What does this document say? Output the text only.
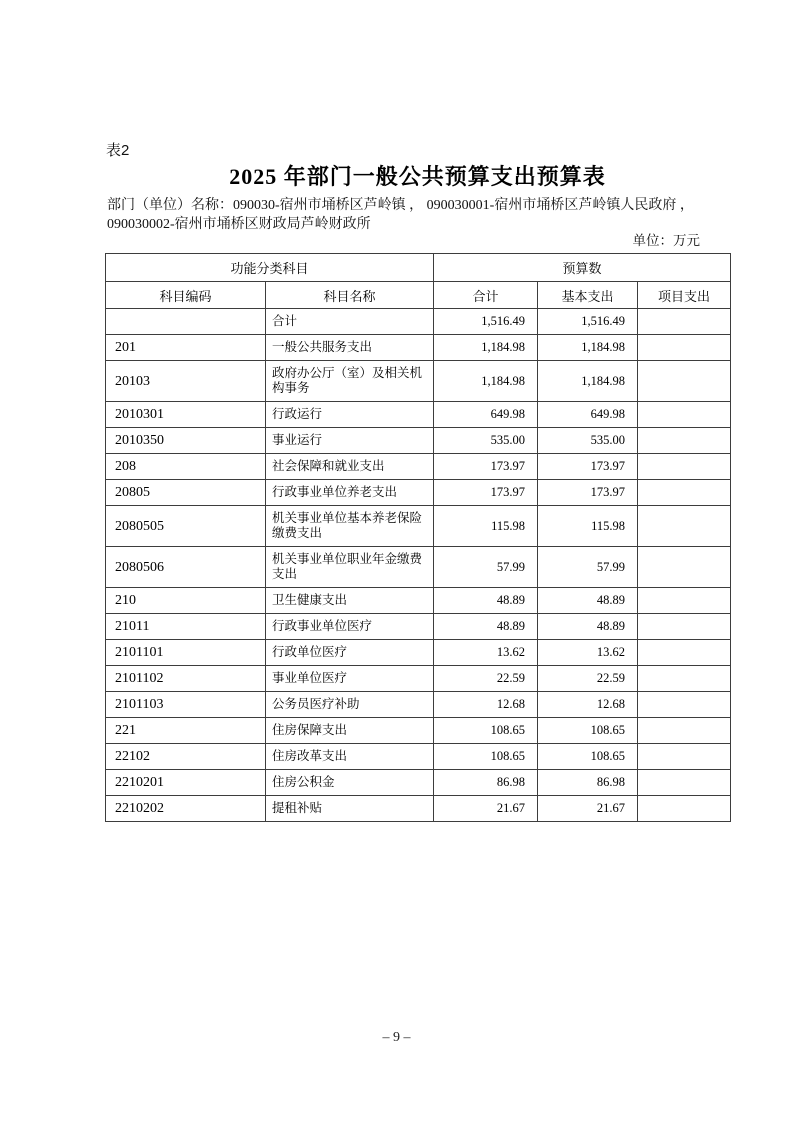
表2
2025 年部门一般公共预算支出预算表
部门（单位）名称：090030-宿州市埇桥区芦岭镇 ， 090030001-宿州市埇桥区芦岭镇人民政府 ，
090030002-宿州市埇桥区财政局芦岭财政所
单位：万元
功能分类科目		预算数		
科目编码	科目名称	合计	基本支出	项目支出
	合计	1,516.49	1,516.49	
201	一般公共服务支出	1,184.98	1,184.98	
20103	政府办公厅（室）及相关机构事务	1,184.98	1,184.98	
2010301	行政运行	649.98	649.98	
2010350	事业运行	535.00	535.00	
208	社会保障和就业支出	173.97	173.97	
20805	行政事业单位养老支出	173.97	173.97	
2080505	机关事业单位基本养老保险缴费支出	115.98	115.98	
2080506	机关事业单位职业年金缴费支出	57.99	57.99	
210	卫生健康支出	48.89	48.89	
21011	行政事业单位医疗	48.89	48.89	
2101101	行政单位医疗	13.62	13.62	
2101102	事业单位医疗	22.59	22.59	
2101103	公务员医疗补助	12.68	12.68	
221	住房保障支出	108.65	108.65	
22102	住房改革支出	108.65	108.65	
2210201	住房公积金	86.98	86.98	
2210202	提租补贴	21.67	21.67	
– 9 –
